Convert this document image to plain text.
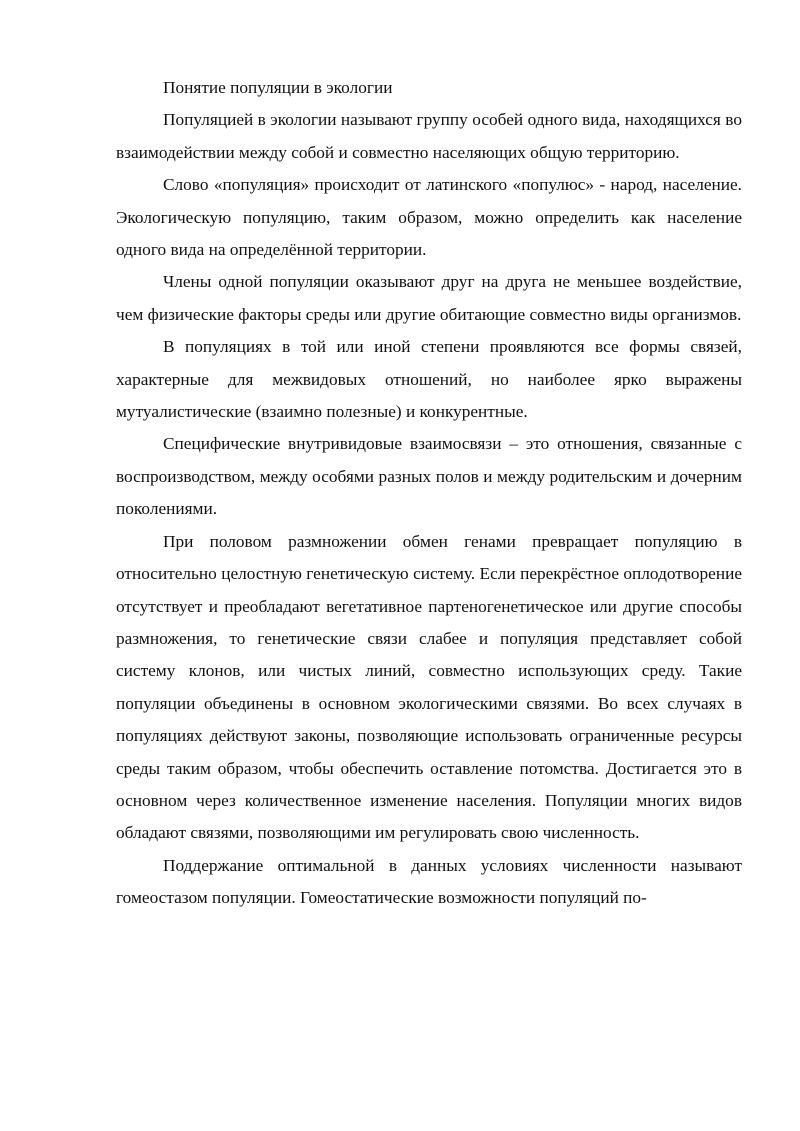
Понятие популяции в экологии

Популяцией в экологии называют группу особей одного вида, находящихся во взаимодействии между собой и совместно населяющих общую территорию.

Слово «популяция» происходит от латинского «популюс» - народ, население. Экологическую популяцию, таким образом, можно определить как население одного вида на определённой территории.

Члены одной популяции оказывают друг на друга не меньшее воздействие, чем физические факторы среды или другие обитающие совместно виды организмов.

В популяциях в той или иной степени проявляются все формы связей, характерные для межвидовых отношений, но наиболее ярко выражены мутуалистические (взаимно полезные) и конкурентные.

Специфические внутривидовые взаимосвязи – это отношения, связанные с воспроизводством, между особями разных полов и между родительским и дочерним поколениями.

При половом размножении обмен генами превращает популяцию в относительно целостную генетическую систему. Если перекрёстное оплодотворение отсутствует и преобладают вегетативное партеногенетическое или другие способы размножения, то генетические связи слабее и популяция представляет собой систему клонов, или чистых линий, совместно использующих среду. Такие популяции объединены в основном экологическими связями. Во всех случаях в популяциях действуют законы, позволяющие использовать ограниченные ресурсы среды таким образом, чтобы обеспечить оставление потомства. Достигается это в основном через количественное изменение населения. Популяции многих видов обладают связями, позволяющими им регулировать свою численность.

Поддержание оптимальной в данных условиях численности называют гомеостазом популяции. Гомеостатические возможности популяций по-
